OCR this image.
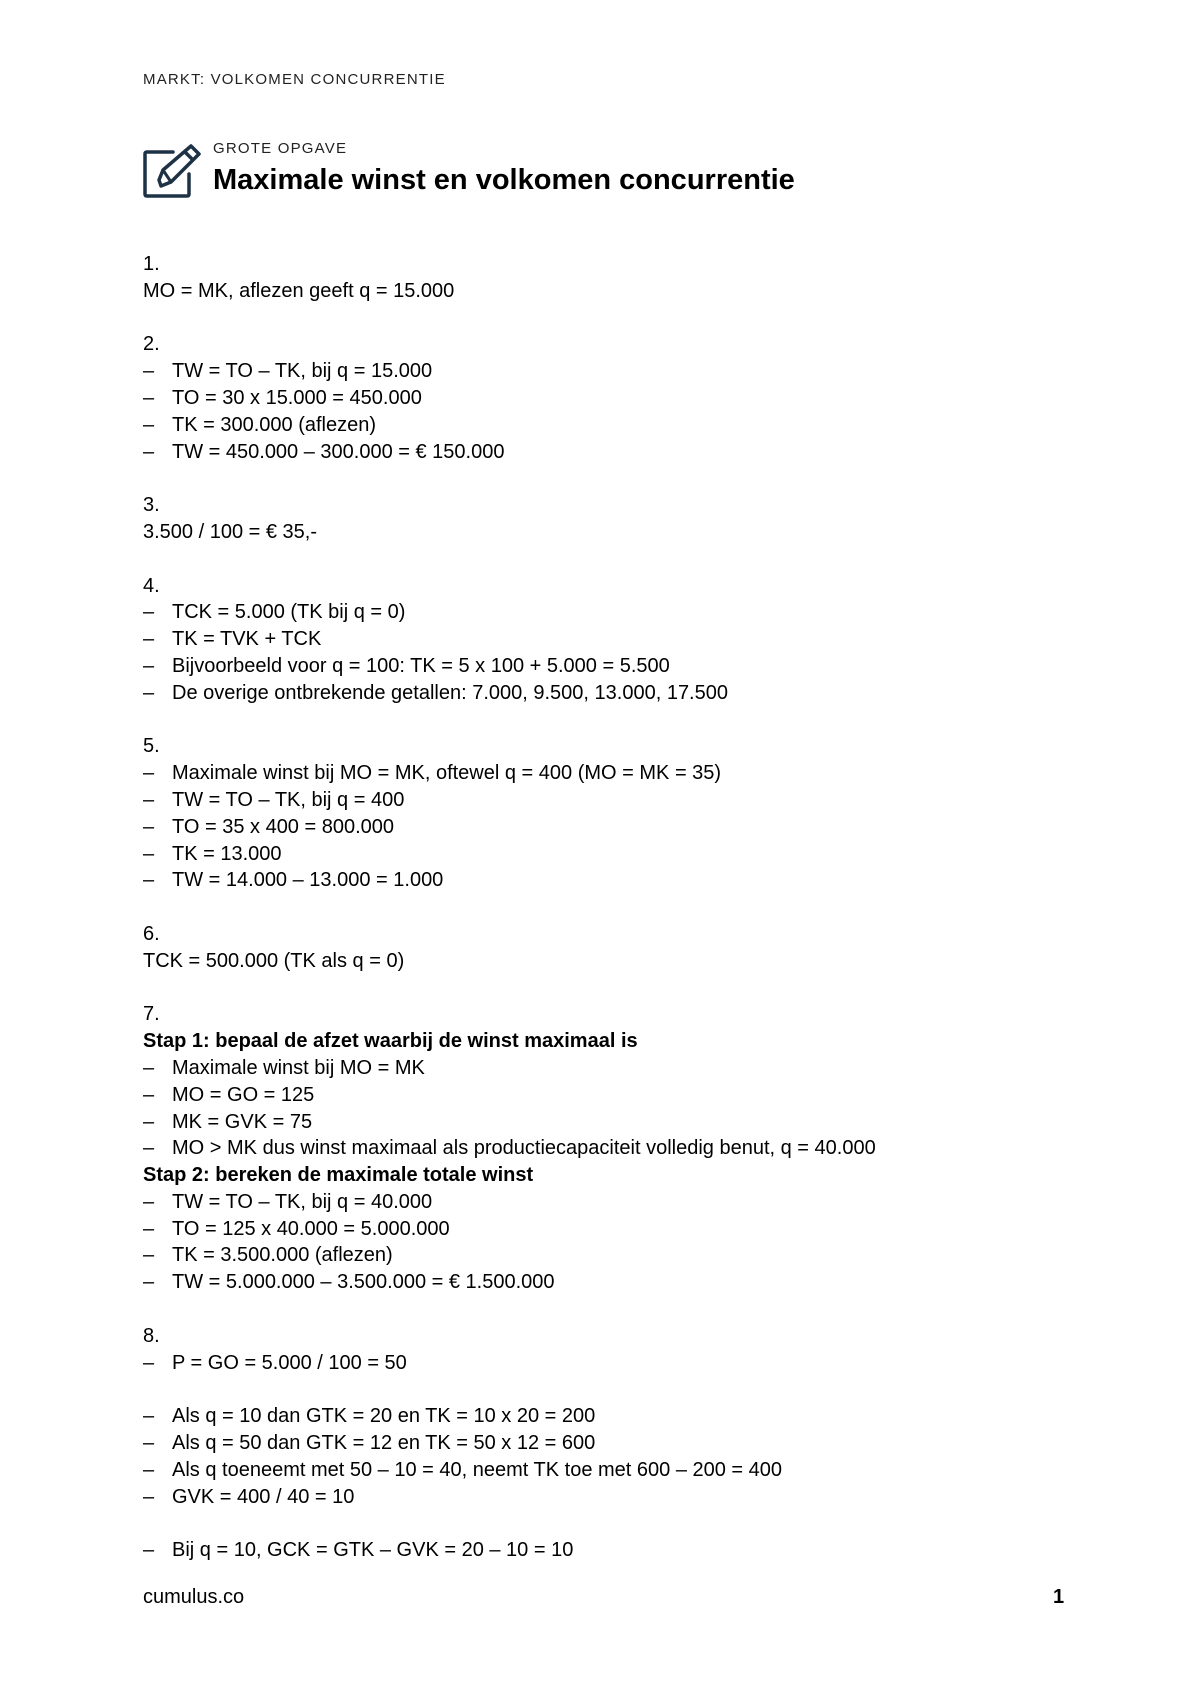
MARKT: VOLKOMEN CONCURRENTIE
GROTE OPGAVE
Maximale winst en volkomen concurrentie
1.
MO = MK, aflezen geeft q = 15.000
2.
– TW = TO – TK, bij q = 15.000
– TO = 30 x 15.000 = 450.000
– TK = 300.000 (aflezen)
– TW = 450.000 – 300.000 = € 150.000
3.
3.500 / 100 = € 35,-
4.
– TCK = 5.000 (TK bij q = 0)
– TK = TVK + TCK
– Bijvoorbeeld voor q = 100: TK = 5 x 100 + 5.000 = 5.500
– De overige ontbrekende getallen: 7.000, 9.500, 13.000, 17.500
5.
– Maximale winst bij MO = MK, oftewel q = 400 (MO = MK = 35)
– TW = TO – TK, bij q = 400
– TO = 35 x 400 = 800.000
– TK = 13.000
– TW = 14.000 – 13.000 = 1.000
6.
TCK = 500.000 (TK als q = 0)
7.
Stap 1: bepaal de afzet waarbij de winst maximaal is
– Maximale winst bij MO = MK
– MO = GO = 125
– MK = GVK = 75
– MO > MK dus winst maximaal als productiecapaciteit volledig benut, q = 40.000
Stap 2: bereken de maximale totale winst
– TW = TO – TK, bij q = 40.000
– TO = 125 x 40.000 = 5.000.000
– TK = 3.500.000 (aflezen)
– TW = 5.000.000 – 3.500.000 = € 1.500.000
8.
– P = GO = 5.000 / 100 = 50
– Als q = 10 dan GTK = 20 en TK = 10 x 20 = 200
– Als q = 50 dan GTK = 12 en TK = 50 x 12 = 600
– Als q toeneemt met 50 – 10 = 40, neemt TK toe met 600 – 200 = 400
– GVK = 400 / 40 = 10
– Bij q = 10, GCK = GTK – GVK = 20 – 10 = 10
cumulus.co	1
